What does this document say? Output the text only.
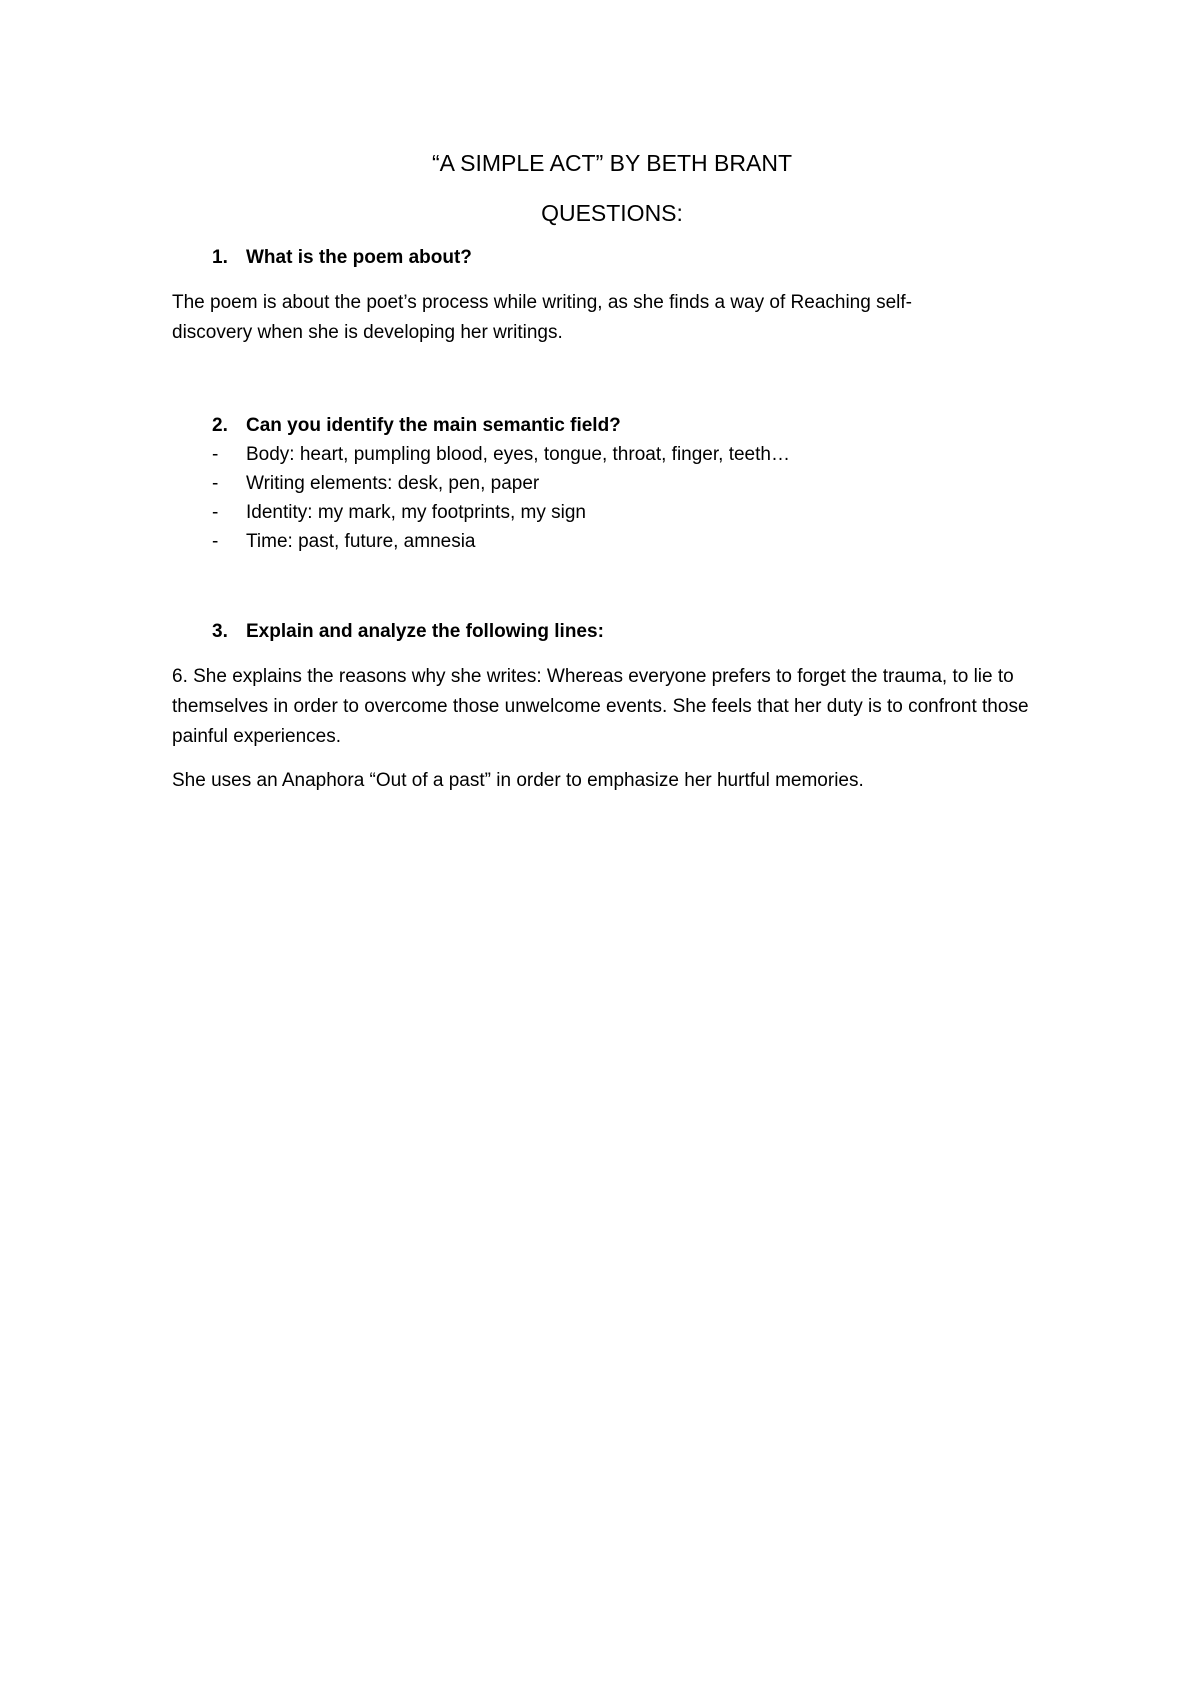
“A SIMPLE ACT” BY BETH BRANT
QUESTIONS:
1. What is the poem about?

The poem is about the poet’s process while writing, as she finds a way of Reaching self-discovery when she is developing her writings.

2. Can you identify the main semantic field?
-	Body: heart, pumpling blood, eyes, tongue, throat, finger, teeth…
-	Writing elements: desk, pen, paper
-	Identity: my mark, my footprints, my sign
-	Time: past, future, amnesia
3. Explain and analyze the following lines:

6. She explains the reasons why she writes: Whereas everyone prefers to forget the trauma, to lie to themselves in order to overcome those unwelcome events. She feels that her duty is to confront those painful experiences.

She uses an Anaphora “Out of a past” in order to emphasize her hurtful memories.
